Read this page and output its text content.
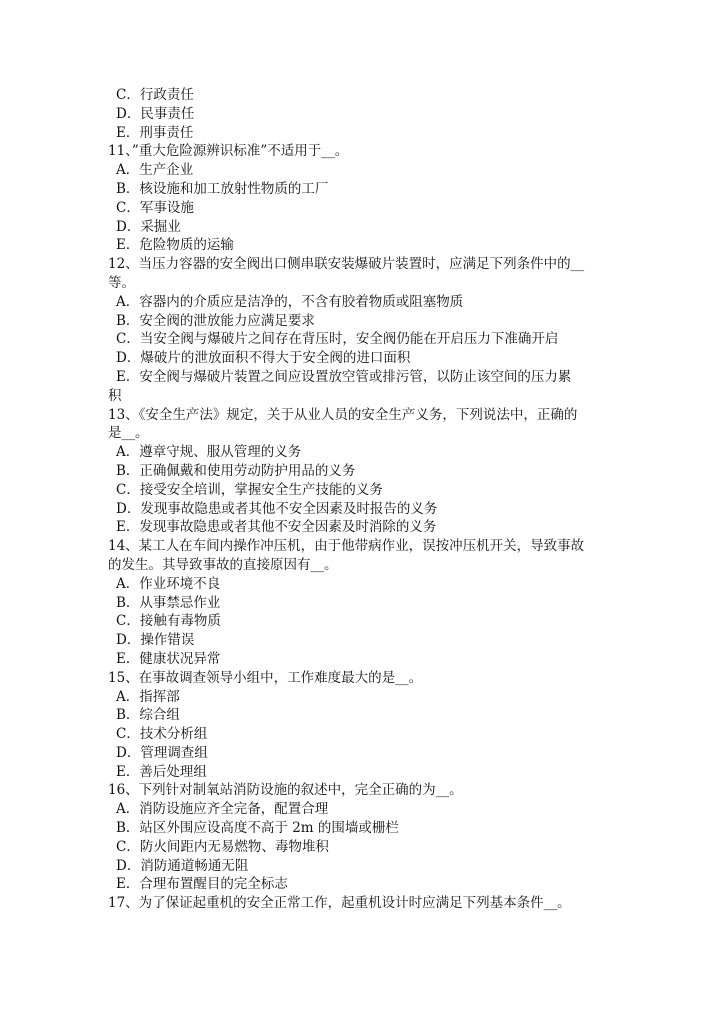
C．行政责任
D．民事责任
E．刑事责任
11、”重大危险源辨识标准”不适用于__。
A．生产企业
B．核设施和加工放射性物质的工厂
C．军事设施
D．采掘业
E．危险物质的运输
12、当压力容器的安全阀出口侧串联安装爆破片装置时，应满足下列条件中的__
等。
A．容器内的介质应是洁净的，不含有胶着物质或阻塞物质
B．安全阀的泄放能力应满足要求
C．当安全阀与爆破片之间存在背压时，安全阀仍能在开启压力下准确开启
D．爆破片的泄放面积不得大于安全阀的进口面积
E．安全阀与爆破片装置之间应设置放空管或排污管，以防止该空间的压力累
积
13、《安全生产法》规定，关于从业人员的安全生产义务，下列说法中，正确的
是__。
A．遵章守规、服从管理的义务
B．正确佩戴和使用劳动防护用品的义务
C．接受安全培训，掌握安全生产技能的义务
D．发现事故隐患或者其他不安全因素及时报告的义务
E．发现事故隐患或者其他不安全因素及时消除的义务
14、某工人在车间内操作冲压机，由于他带病作业，误按冲压机开关，导致事故
的发生。其导致事故的直接原因有__。
A．作业环境不良
B．从事禁忌作业
C．接触有毒物质
D．操作错误
E．健康状况异常
15、在事故调查领导小组中，工作难度最大的是__。
A．指挥部
B．综合组
C．技术分析组
D．管理调查组
E．善后处理组
16、下列针对制氧站消防设施的叙述中，完全正确的为__。
A．消防设施应齐全完备，配置合理
B．站区外围应设高度不高于 2m 的围墙或栅栏
C．防火间距内无易燃物、毒物堆积
D．消防通道畅通无阻
E．合理布置醒目的完全标志
17、为了保证起重机的安全正常工作，起重机设计时应满足下列基本条件__。
